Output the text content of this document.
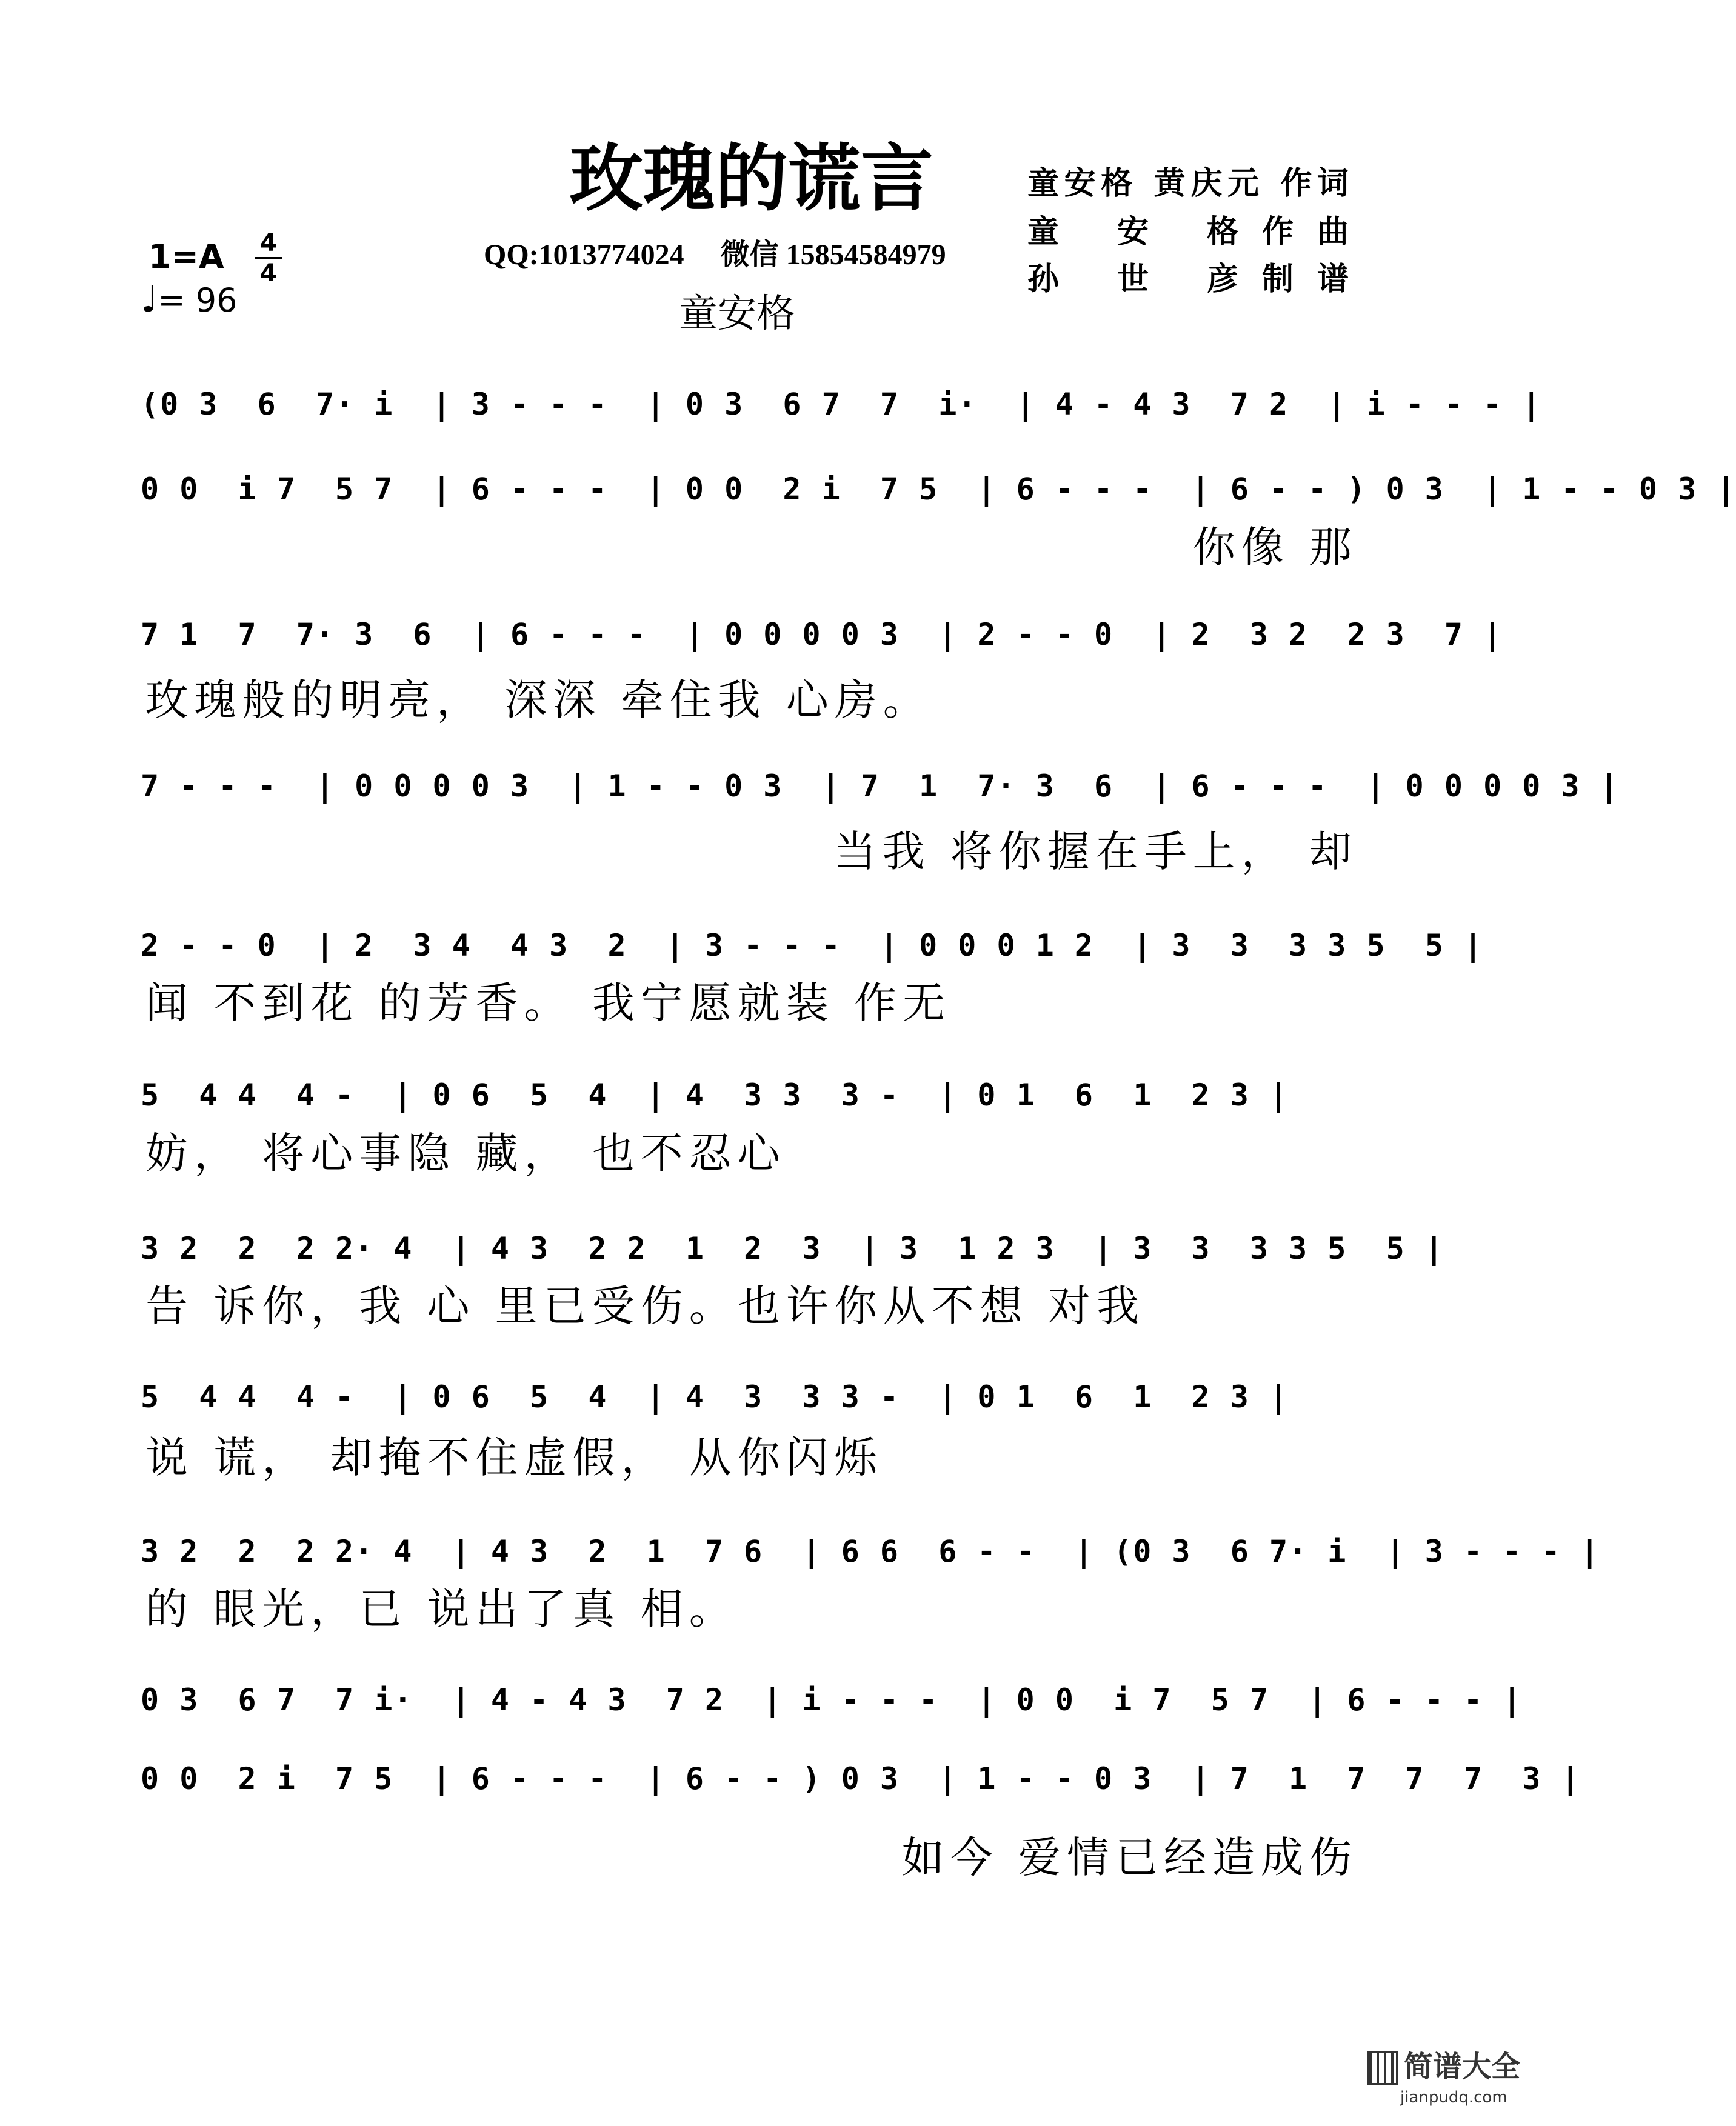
玫瑰的谎言
1=A 4
4
♩= 96
QQ:1013774024 微信 15854584979
童安格 黄庆元 作词
童 安 格作曲
孙 世 彦制谱
童安格
(0 3  6  7· i  | 3 - - -  | 0 3  6 7  7  i·  | 4 - 4 3  7 2  | i - - - |
0 0  i 7  5 7  | 6 - - -  | 0 0  2 i  7 5  | 6 - - -  | 6 - - ) 0 3  | 1 - - 0 3 |
你像 那
7 1  7  7· 3  6  | 6 - - -  | 0 0 0 0 3  | 2 - - 0  | 2  3 2  2 3  7 |
玫瑰般的明亮， 深深 牵住我 心房。
7 - - -  | 0 0 0 0 3  | 1 - - 0 3  | 7  1  7· 3  6  | 6 - - -  | 0 0 0 0 3 |
当我 将你握在手上， 却
2 - - 0  | 2  3 4  4 3  2  | 3 - - -  | 0 0 0 1 2  | 3  3  3 3 5  5 |
闻 不到花 的芳香。 我宁愿就装 作无
5  4 4  4 -  | 0 6  5  4  | 4  3 3  3 -  | 0 1  6  1  2 3 |
妨， 将心事隐 藏， 也不忍心
3 2  2  2 2· 4  | 4 3  2 2  1  2  3  | 3  1 2 3  | 3  3  3 3 5  5 |
告 诉你，我 心 里已受伤。也许你从不想 对我
5  4 4  4 -  | 0 6  5  4  | 4  3  3 3 -  | 0 1  6  1  2 3 |
说 谎， 却掩不住虚假， 从你闪烁
3 2  2  2 2· 4  | 4 3  2  1  7 6  | 6 6  6 - -  | (0 3  6 7· i  | 3 - - - |
的 眼光，已 说出了真 相。
0 3  6 7  7 i·  | 4 - 4 3  7 2  | i - - -  | 0 0  i 7  5 7  | 6 - - - |
0 0  2 i  7 5  | 6 - - -  | 6 - - ) 0 3  | 1 - - 0 3  | 7  1  7  7  7  3 |
如今 爱情已经造成伤
简谱大全
jianpudq.com
